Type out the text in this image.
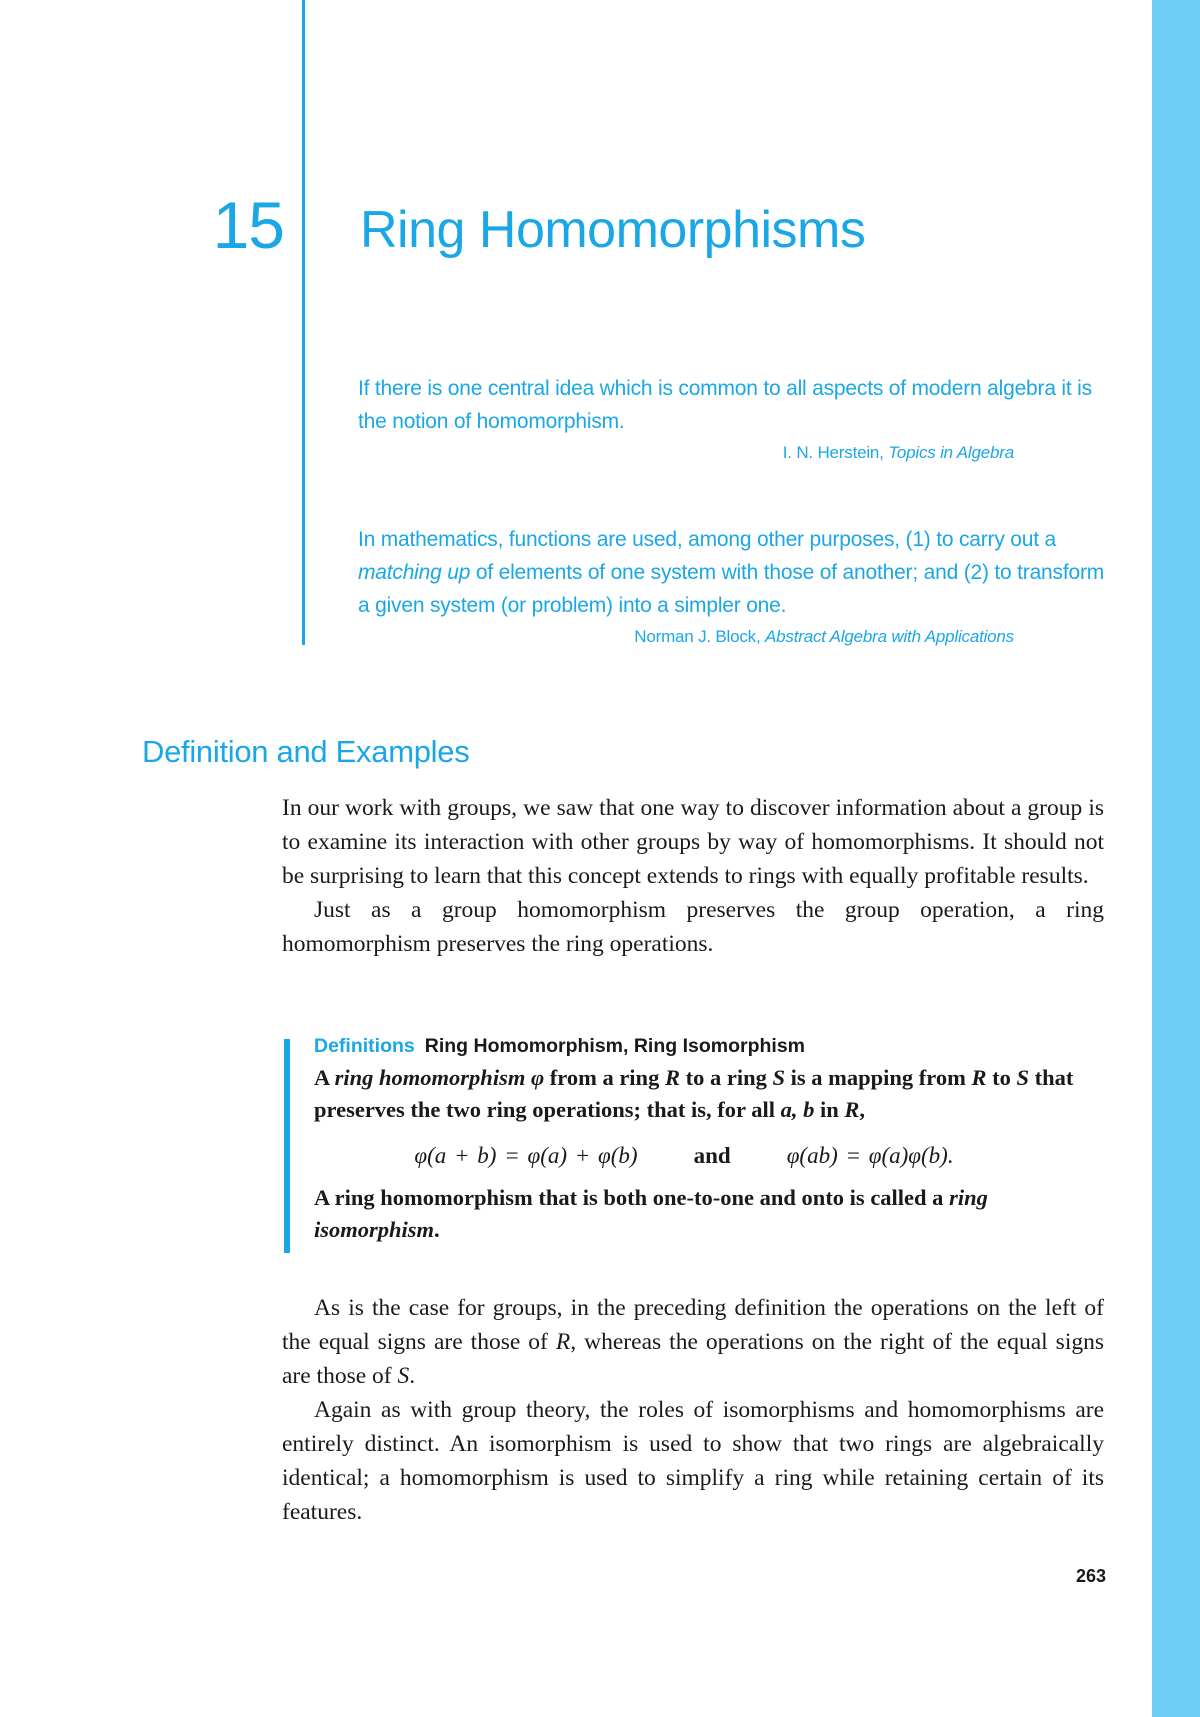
15 Ring Homomorphisms

If there is one central idea which is common to all aspects of modern algebra it is the notion of homomorphism.

I. N. Herstein, Topics in Algebra

In mathematics, functions are used, among other purposes, (1) to carry out a matching up of elements of one system with those of another; and (2) to transform a given system (or problem) into a simpler one.

Norman J. Block, Abstract Algebra with Applications

Definition and Examples

In our work with groups, we saw that one way to discover information about a group is to examine its interaction with other groups by way of homomorphisms. It should not be surprising to learn that this concept extends to rings with equally profitable results.

Just as a group homomorphism preserves the group operation, a ring homomorphism preserves the ring operations.

Definitions Ring Homomorphism, Ring Isomorphism

A ring homomorphism φ from a ring R to a ring S is a mapping from R to S that preserves the two ring operations; that is, for all a, b in R,

φ(a + b) = φ(a) + φ(b) and φ(ab) = φ(a)φ(b).

A ring homomorphism that is both one-to-one and onto is called a ring isomorphism.

As is the case for groups, in the preceding definition the operations on the left of the equal signs are those of R, whereas the operations on the right of the equal signs are those of S.

Again as with group theory, the roles of isomorphisms and homomorphisms are entirely distinct. An isomorphism is used to show that two rings are algebraically identical; a homomorphism is used to simplify a ring while retaining certain of its features.

263
